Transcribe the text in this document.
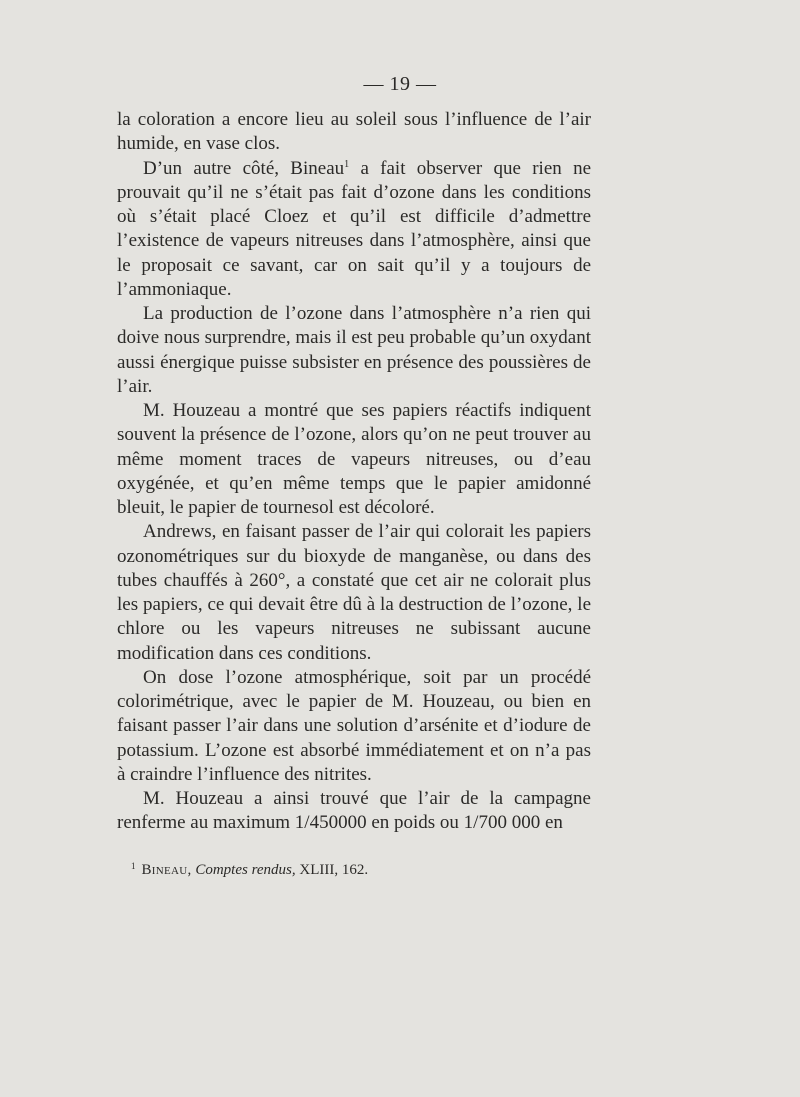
— 19 —

la coloration a encore lieu au soleil sous l’influence de l’air humide, en vase clos.

D’un autre côté, Bineau$^1$ a fait observer que rien ne prouvait qu’il ne s’était pas fait d’ozone dans les conditions où s’était placé Cloez et qu’il est difficile d’admettre l’existence de vapeurs nitreuses dans l’atmosphère, ainsi que le proposait ce savant, car on sait qu’il y a toujours de l’ammoniaque.

La production de l’ozone dans l’atmosphère n’a rien qui doive nous surprendre, mais il est peu probable qu’un oxydant aussi énergique puisse subsister en présence des poussières de l’air.

M. Houzeau a montré que ses papiers réactifs indiquent souvent la présence de l’ozone, alors qu’on ne peut trouver au même moment traces de vapeurs nitreuses, ou d’eau oxygénée, et qu’en même temps que le papier amidonné bleuit, le papier de tournesol est décoloré.

Andrews, en faisant passer de l’air qui colorait les papiers ozonométriques sur du bioxyde de manganèse, ou dans des tubes chauffés à 260°, a constaté que cet air ne colorait plus les papiers, ce qui devait être dû à la destruction de l’ozone, le chlore ou les vapeurs nitreuses ne subissant aucune modification dans ces conditions.

On dose l’ozone atmosphérique, soit par un procédé colorimétrique, avec le papier de M. Houzeau, ou bien en faisant passer l’air dans une solution d’arsénite et d’iodure de potassium. L’ozone est absorbé immédiatement et on n’a pas à craindre l’influence des nitrites.

M. Houzeau a ainsi trouvé que l’air de la campagne renferme au maximum 1/450000 en poids ou 1/700 000 en

$^1$ Bineau, Comptes rendus, XLIII, 162.
